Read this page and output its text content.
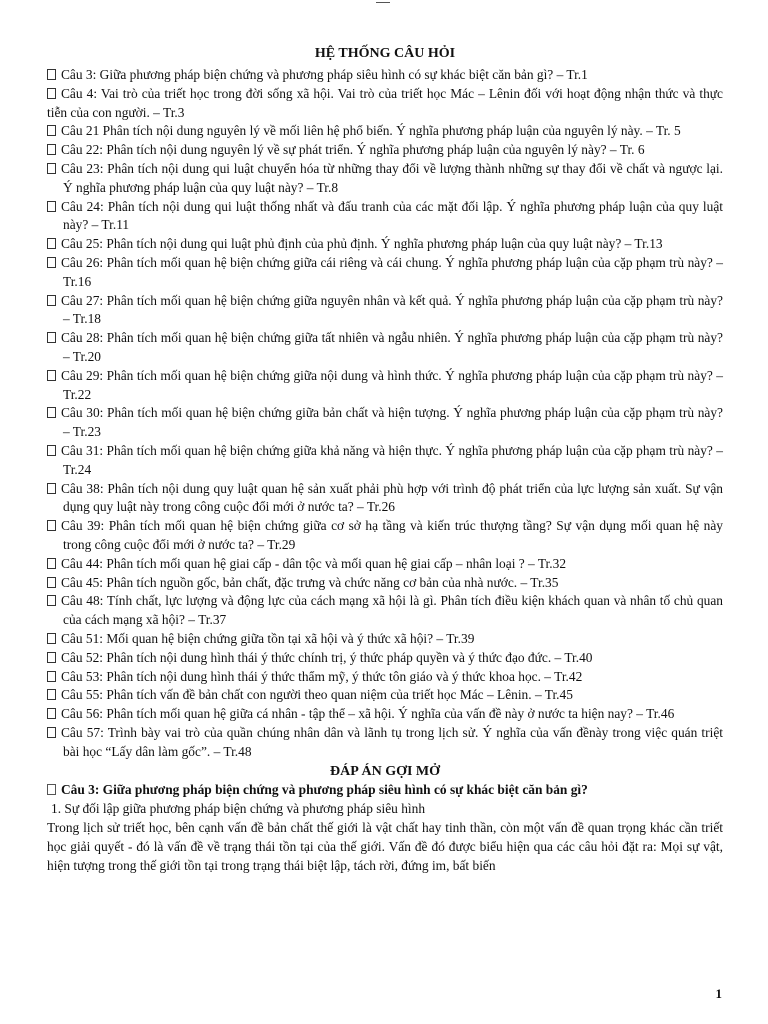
HỆ THỐNG CÂU HỎI
Câu 3: Giữa phương pháp biện chứng và phương pháp siêu hình có sự khác biệt căn bản gì? – Tr.1
Câu 4: Vai trò của triết học trong đời sống xã hội. Vai trò của triết học Mác – Lênin đối với hoạt động nhận thức và thực tiễn của con người. – Tr.3
Câu 21 Phân tích nội dung nguyên lý về mối liên hệ phổ biến. Ý nghĩa phương pháp luận của nguyên lý này. – Tr. 5
Câu 22: Phân tích nội dung nguyên lý về sự phát triển. Ý nghĩa phương pháp luận của nguyên lý này? – Tr. 6
Câu 23: Phân tích nội dung qui luật chuyển hóa từ những thay đổi về lượng thành những sự thay đổi về chất và ngược lại. Ý nghĩa phương pháp luận của quy luật này? – Tr.8
Câu 24: Phân tích nội dung qui luật thống nhất và đấu tranh của các mặt đối lập. Ý nghĩa phương pháp luận của quy luật này? – Tr.11
Câu 25: Phân tích nội dung qui luật phủ định của phủ định. Ý nghĩa phương pháp luận của quy luật này? – Tr.13
Câu 26: Phân tích mối quan hệ biện chứng giữa cái riêng và cái chung. Ý nghĩa phương pháp luận của cặp phạm trù này? – Tr.16
Câu 27: Phân tích mối quan hệ biện chứng giữa nguyên nhân và kết quả. Ý nghĩa phương pháp luận của cặp phạm trù này? – Tr.18
Câu 28: Phân tích mối quan hệ biện chứng giữa tất nhiên và ngẫu nhiên. Ý nghĩa phương pháp luận của cặp phạm trù này? – Tr.20
Câu 29: Phân tích mối quan hệ biện chứng giữa nội dung và hình thức. Ý nghĩa phương pháp luận của cặp phạm trù này? – Tr.22
Câu 30: Phân tích mối quan hệ biện chứng giữa bản chất và hiện tượng. Ý nghĩa phương pháp luận của cặp phạm trù này? – Tr.23
Câu 31: Phân tích mối quan hệ biện chứng giữa khả năng và hiện thực. Ý nghĩa phương pháp luận của cặp phạm trù này? – Tr.24
Câu 38: Phân tích nội dung quy luật quan hệ sản xuất phải phù hợp với trình độ phát triển của lực lượng sản xuất. Sự vận dụng quy luật này trong công cuộc đổi mới ở nước ta? – Tr.26
Câu 39: Phân tích mối quan hệ biện chứng giữa cơ sở hạ tầng và kiến trúc thượng tầng? Sự vận dụng mối quan hệ này trong công cuộc đổi mới ở nước ta? – Tr.29
Câu 44: Phân tích mối quan hệ giai cấp - dân tộc và mối quan hệ giai cấp – nhân loại ? – Tr.32
Câu 45: Phân tích nguồn gốc, bản chất, đặc trưng và chức năng cơ bản của nhà nước. – Tr.35
Câu 48: Tính chất, lực lượng và động lực của cách mạng xã hội là gì. Phân tích điều kiện khách quan và nhân tố chủ quan của cách mạng xã hội? – Tr.37
Câu 51: Mối quan hệ biện chứng giữa tồn tại xã hội và ý thức xã hội? – Tr.39
Câu 52: Phân tích nội dung hình thái ý thức chính trị, ý thức pháp quyền và ý thức đạo đức. – Tr.40
Câu 53: Phân tích nội dung hình thái ý thức thẩm mỹ, ý thức tôn giáo và ý thức khoa học. – Tr.42
Câu 55: Phân tích vấn đề bản chất con người theo quan niệm của triết học Mác – Lênin. – Tr.45
Câu 56: Phân tích mối quan hệ giữa cá nhân - tập thể – xã hội. Ý nghĩa của vấn đề này ở nước ta hiện nay? – Tr.46
Câu 57: Trình bày vai trò của quần chúng nhân dân và lãnh tụ trong lịch sử. Ý nghĩa của vấn đềnày trong việc quán triệt bài học “Lấy dân làm gốc”. – Tr.48
ĐÁP ÁN GỢI MỞ
Câu 3: Giữa phương pháp biện chứng và phương pháp siêu hình có sự khác biệt căn bản gì?
1. Sự đối lập giữa phương pháp biện chứng và phương pháp siêu hình
Trong lịch sử triết học, bên cạnh vấn đề bản chất thế giới là vật chất hay tinh thần, còn một vấn đề quan trọng khác cần triết học giải quyết - đó là vấn đề về trạng thái tồn tại của thế giới. Vấn đề đó được biểu hiện qua các câu hỏi đặt ra: Mọi sự vật, hiện tượng trong thế giới tồn tại trong trạng thái biệt lập, tách rời, đứng im, bất biến
1
